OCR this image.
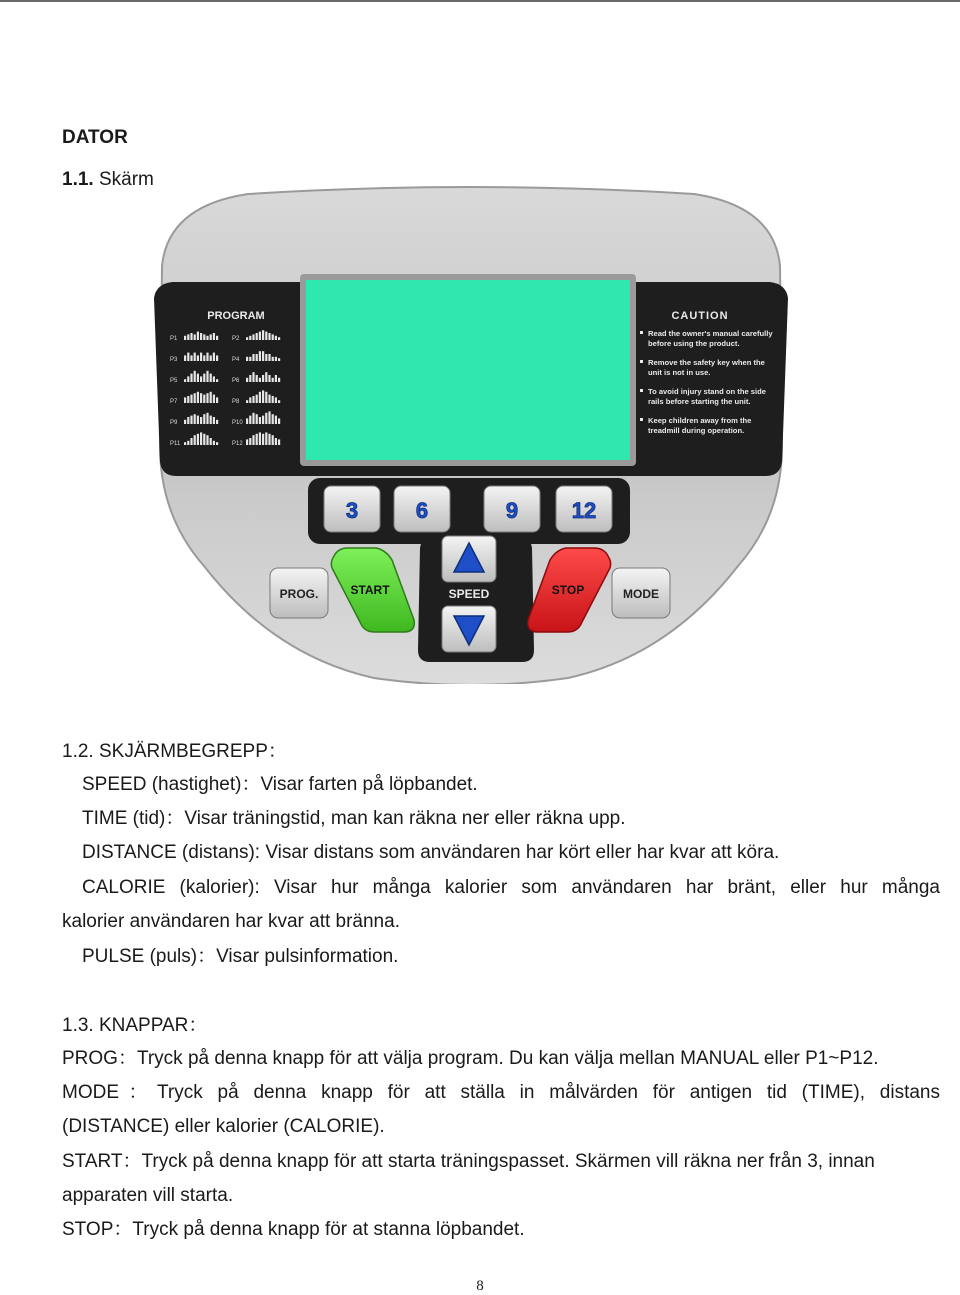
DATOR
1.1. Skärm
PROGRAM
P1	P2
P3	P4
P5	P6
P7	P8
P9	P10
P11	P12
CAUTION
Read the owner's manual carefully
before using the product.
Remove the safety key when the
unit is not in use.
To avoid injury stand on the side
rails before starting the unit.
Keep children away from the
treadmill during operation.
3	6	9 12
SPEED
PROG.	START	STOP	MODE
1.2. SKJÄRMBEGREPP：
SPEED (hastighet)：Visar farten på löpbandet.
TIME (tid)：Visar träningstid, man kan räkna ner eller räkna upp.
DISTANCE (distans): Visar distans som användaren har kört eller har kvar att köra.
CALORIE (kalorier): Visar hur många kalorier som användaren har bränt, eller hur många
kalorier användaren har kvar att bränna.
PULSE (puls)：Visar pulsinformation.
1.3. KNAPPAR：
PROG：Tryck på denna knapp för att välja program. Du kan välja mellan MANUAL eller P1~P12.
MODE：Tryck på denna knapp för att ställa in målvärden för antigen tid (TIME), distans
(DISTANCE) eller kalorier (CALORIE).
START：Tryck på denna knapp för att starta träningspasset. Skärmen vill räkna ner från 3, innan
apparaten vill starta.
STOP：Tryck på denna knapp för at stanna löpbandet.
8
